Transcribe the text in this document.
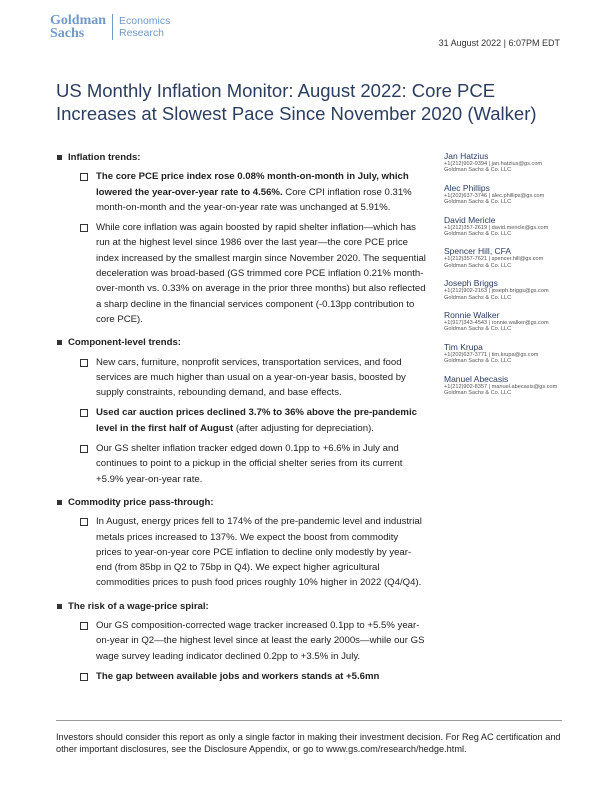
Goldman
Sachs
Economics
Research
31 August 2022 | 6:07PM EDT
US Monthly Inflation Monitor: August 2022: Core PCE Increases at Slowest Pace Since November 2020 (Walker)
Inflation trends:
The core PCE price index rose 0.08% month-on-month in July, which lowered the year-over-year rate to 4.56%. Core CPI inflation rose 0.31% month-on-month and the year-on-year rate was unchanged at 5.91%.
While core inflation was again boosted by rapid shelter inflation—which has run at the highest level since 1986 over the last year—the core PCE price index increased by the smallest margin since November 2020. The sequential deceleration was broad-based (GS trimmed core PCE inflation 0.21% month-over-month vs. 0.33% on average in the prior three months) but also reflected a sharp decline in the financial services component (-0.13pp contribution to core PCE).
Component-level trends:
New cars, furniture, nonprofit services, transportation services, and food services are much higher than usual on a year-on-year basis, boosted by supply constraints, rebounding demand, and base effects.
Used car auction prices declined 3.7% to 36% above the pre-pandemic level in the first half of August (after adjusting for depreciation).
Our GS shelter inflation tracker edged down 0.1pp to +6.6% in July and continues to point to a pickup in the official shelter series from its current +5.9% year-on-year rate.
Commodity price pass-through:
In August, energy prices fell to 174% of the pre-pandemic level and industrial metals prices increased to 137%. We expect the boost from commodity prices to year-on-year core PCE inflation to decline only modestly by year-end (from 85bp in Q2 to 75bp in Q4). We expect higher agricultural commodities prices to push food prices roughly 10% higher in 2022 (Q4/Q4).
The risk of a wage-price spiral:
Our GS composition-corrected wage tracker increased 0.1pp to +5.5% year-on-year in Q2—the highest level since at least the early 2000s—while our GS wage survey leading indicator declined 0.2pp to +3.5% in July.
The gap between available jobs and workers stands at +5.6mn
Jan Hatzius
+1(212)902-0394 | jan.hatzius@gs.com
Goldman Sachs & Co. LLC
Alec Phillips
+1(202)637-3746 | alec.phillips@gs.com
Goldman Sachs & Co. LLC
David Mericle
+1(212)357-2619 | david.mericle@gs.com
Goldman Sachs & Co. LLC
Spencer Hill, CFA
+1(212)357-7621 | spencer.hill@gs.com
Goldman Sachs & Co. LLC
Joseph Briggs
+1(212)902-2163 | joseph.briggs@gs.com
Goldman Sachs & Co. LLC
Ronnie Walker
+1(917)343-4543 | ronnie.walker@gs.com
Goldman Sachs & Co. LLC
Tim Krupa
+1(202)637-3771 | tim.krupa@gs.com
Goldman Sachs & Co. LLC
Manuel Abecasis
+1(212)902-8357 | manuel.abecasis@gs.com
Goldman Sachs & Co. LLC
Investors should consider this report as only a single factor in making their investment decision. For Reg AC certification and other important disclosures, see the Disclosure Appendix, or go to www.gs.com/research/hedge.html.
